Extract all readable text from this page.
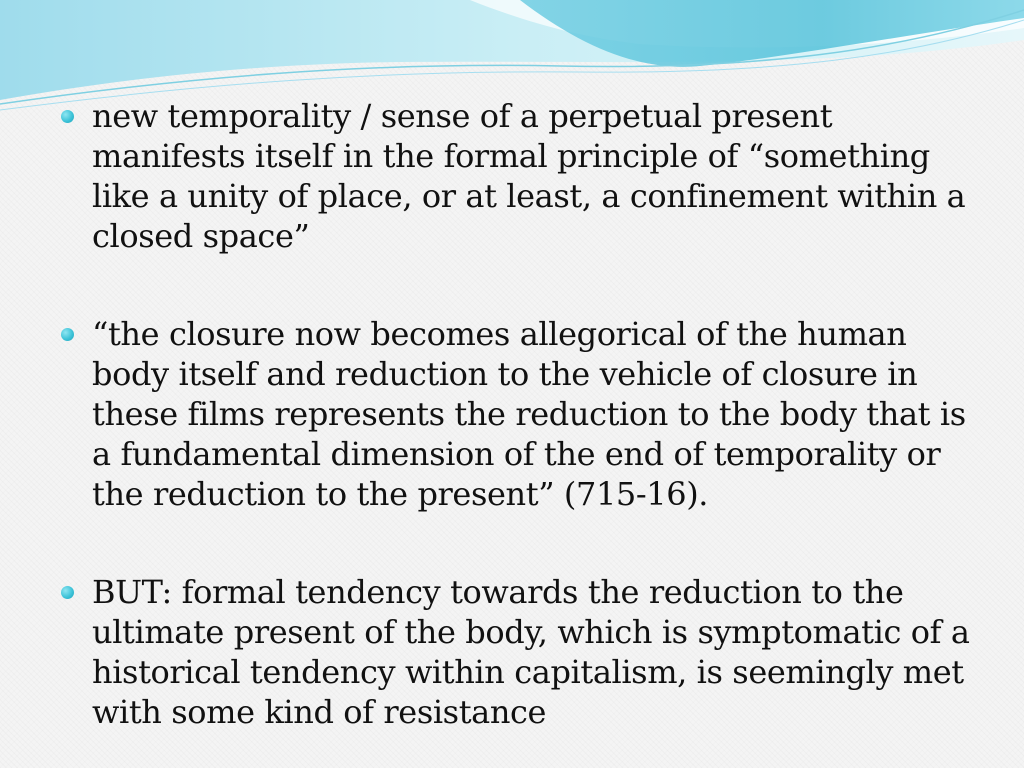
new temporality / sense of a perpetual present manifests itself in the formal principle of “something like a unity of place, or at least, a confinement within a closed space”
“the closure now becomes allegorical of the human body itself and reduction to the vehicle of closure in these films represents the reduction to the body that is a fundamental dimension of the end of temporality or the reduction to the present” (715-16).
BUT: formal tendency towards the reduction to the ultimate present of the body, which is symptomatic of a historical tendency within capitalism, is seemingly met with some kind of resistance
